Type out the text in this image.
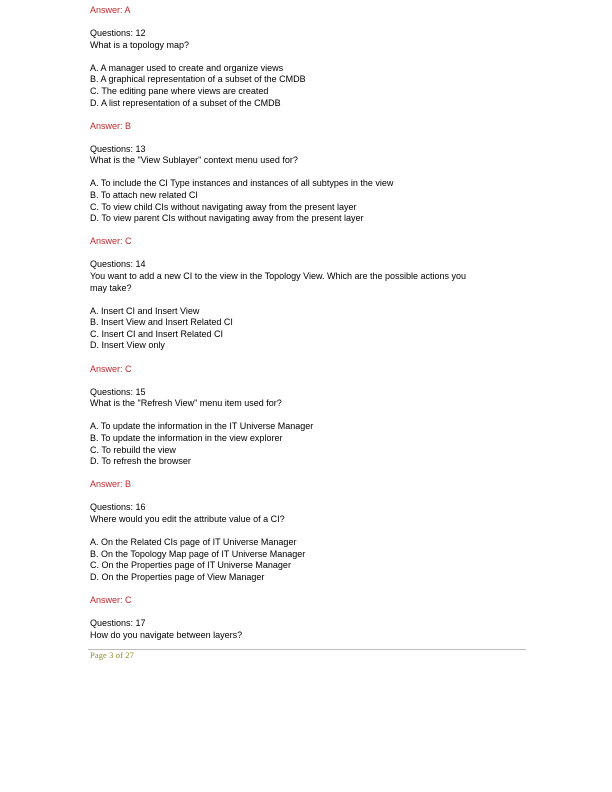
Answer: A
Questions: 12
What is a topology map?
A. A manager used to create and organize views
B. A graphical representation of a subset of the CMDB
C. The editing pane where views are created
D. A list representation of a subset of the CMDB
Answer: B
Questions: 13
What is the "View Sublayer" context menu used for?
A. To include the CI Type instances and instances of all subtypes in the view
B. To attach new related CI
C. To view child CIs without navigating away from the present layer
D. To view parent CIs without navigating away from the present layer
Answer: C
Questions: 14
You want to add a new CI to the view in the Topology View. Which are the possible actions you
may take?
A. Insert CI and Insert View
B. Insert View and Insert Related CI
C. Insert CI and Insert Related CI
D. Insert View only
Answer: C
Questions: 15
What is the "Refresh View" menu item used for?
A. To update the information in the IT Universe Manager
B. To update the information in the view explorer
C. To rebuild the view
D. To refresh the browser
Answer: B
Questions: 16
Where would you edit the attribute value of a CI?
A. On the Related CIs page of IT Universe Manager
B. On the Topology Map page of IT Universe Manager
C. On the Properties page of IT Universe Manager
D. On the Properties page of View Manager
Answer: C
Questions: 17
How do you navigate between layers?
Page 3 of 27
